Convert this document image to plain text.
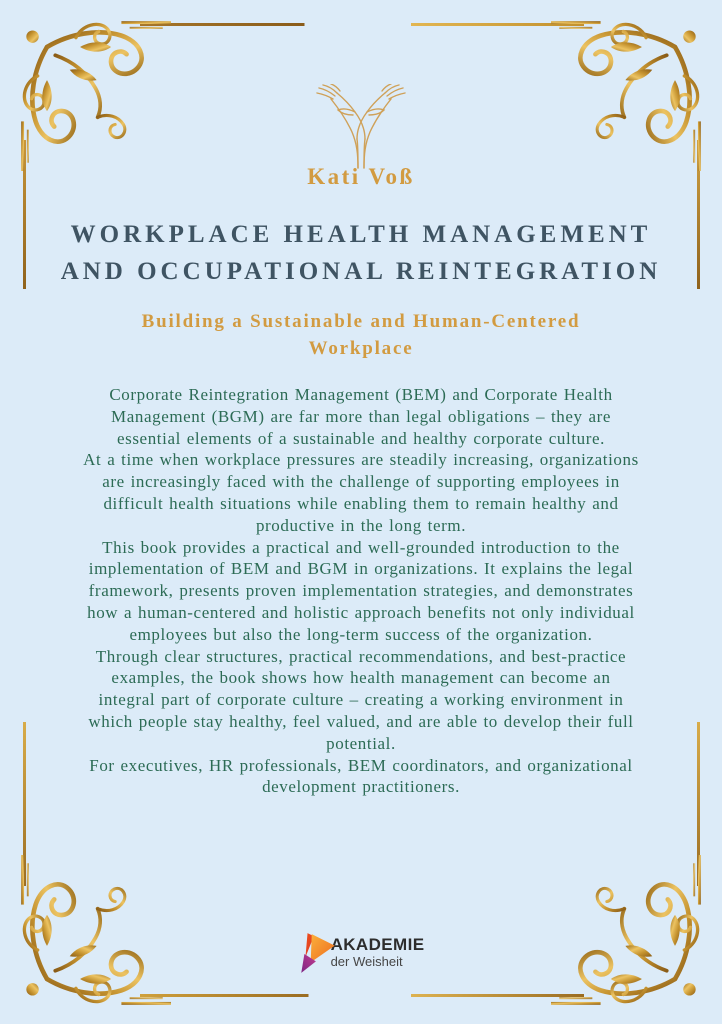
Kati Voß
WORKPLACE HEALTH MANAGEMENT
AND OCCUPATIONAL REINTEGRATION
Building a Sustainable and Human-Centered
Workplace

Corporate Reintegration Management (BEM) and Corporate Health Management (BGM) are far more than legal obligations – they are essential elements of a sustainable and healthy corporate culture.

At a time when workplace pressures are steadily increasing, organizations are increasingly faced with the challenge of supporting employees in difficult health situations while enabling them to remain healthy and productive in the long term.

This book provides a practical and well-grounded introduction to the implementation of BEM and BGM in organizations. It explains the legal framework, presents proven implementation strategies, and demonstrates how a human-centered and holistic approach benefits not only individual employees but also the long-term success of the organization.

Through clear structures, practical recommendations, and best-practice examples, the book shows how health management can become an integral part of corporate culture – creating a working environment in which people stay healthy, feel valued, and are able to develop their full potential.

For executives, HR professionals, BEM coordinators, and organizational development practitioners.

AKADEMIE
der Weisheit
